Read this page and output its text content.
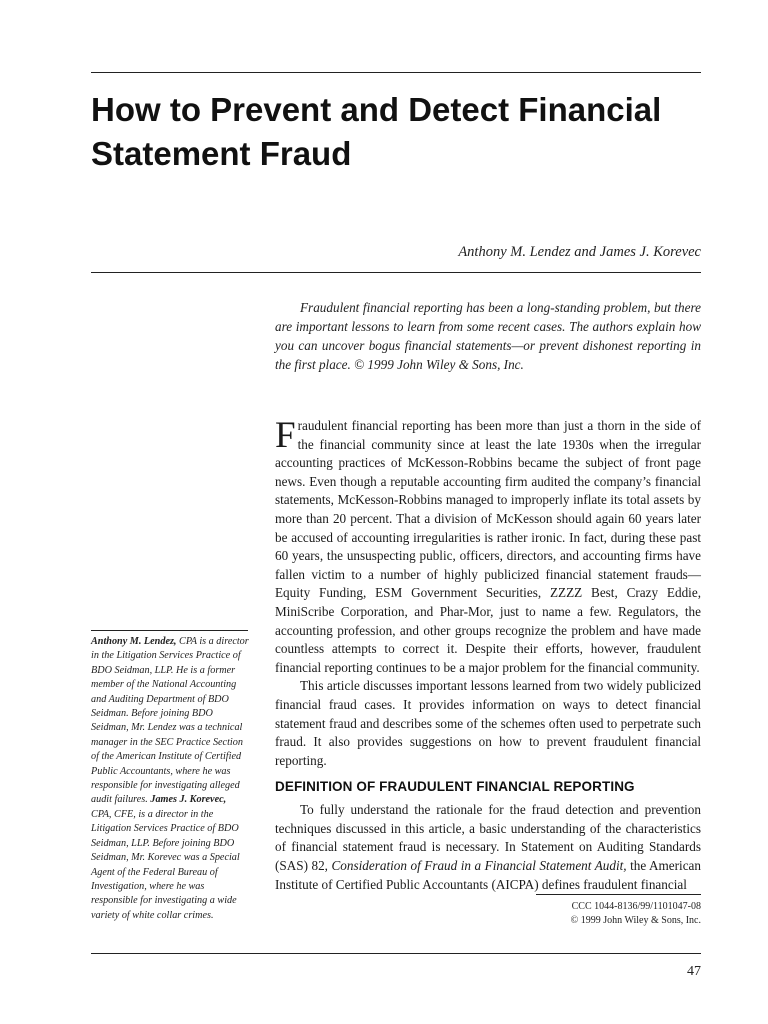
How to Prevent and Detect Financial Statement Fraud

Anthony M. Lendez and James J. Korevec

Fraudulent financial reporting has been a long-standing problem, but there are important lessons to learn from some recent cases. The authors explain how you can uncover bogus financial statements—or prevent dishonest reporting in the first place. © 1999 John Wiley & Sons, Inc.

Fraudulent financial reporting has been more than just a thorn in the side of the financial community since at least the late 1930s when the irregular accounting practices of McKesson-Robbins became the subject of front page news. Even though a reputable accounting firm audited the company’s financial statements, McKesson-Robbins managed to improperly inflate its total assets by more than 20 percent. That a division of McKesson should again 60 years later be accused of accounting irregularities is rather ironic. In fact, during these past 60 years, the unsuspecting public, officers, directors, and accounting firms have fallen victim to a number of highly publicized financial statement frauds—Equity Funding, ESM Government Securities, ZZZZ Best, Crazy Eddie, MiniScribe Corporation, and Phar-Mor, just to name a few. Regulators, the accounting profession, and other groups recognize the problem and have made countless attempts to correct it. Despite their efforts, however, fraudulent financial reporting continues to be a major problem for the financial community.

This article discusses important lessons learned from two widely publicized financial fraud cases. It provides information on ways to detect financial statement fraud and describes some of the schemes often used to perpetrate such fraud. It also provides suggestions on how to prevent fraudulent financial reporting.

DEFINITION OF FRAUDULENT FINANCIAL REPORTING

To fully understand the rationale for the fraud detection and prevention techniques discussed in this article, a basic understanding of the characteristics of financial statement fraud is necessary. In Statement on Auditing Standards (SAS) 82, Consideration of Fraud in a Financial Statement Audit, the American Institute of Certified Public Accountants (AICPA) defines fraudulent financial

Anthony M. Lendez, CPA is a director in the Litigation Services Practice of BDO Seidman, LLP. He is a former member of the National Accounting and Auditing Department of BDO Seidman. Before joining BDO Seidman, Mr. Lendez was a technical manager in the SEC Practice Section of the American Institute of Certified Public Accountants, where he was responsible for investigating alleged audit failures. James J. Korevec, CPA, CFE, is a director in the Litigation Services Practice of BDO Seidman, LLP. Before joining BDO Seidman, Mr. Korevec was a Special Agent of the Federal Bureau of Investigation, where he was responsible for investigating a wide variety of white collar crimes.

CCC 1044-8136/99/1101047-08
© 1999 John Wiley & Sons, Inc.
47
